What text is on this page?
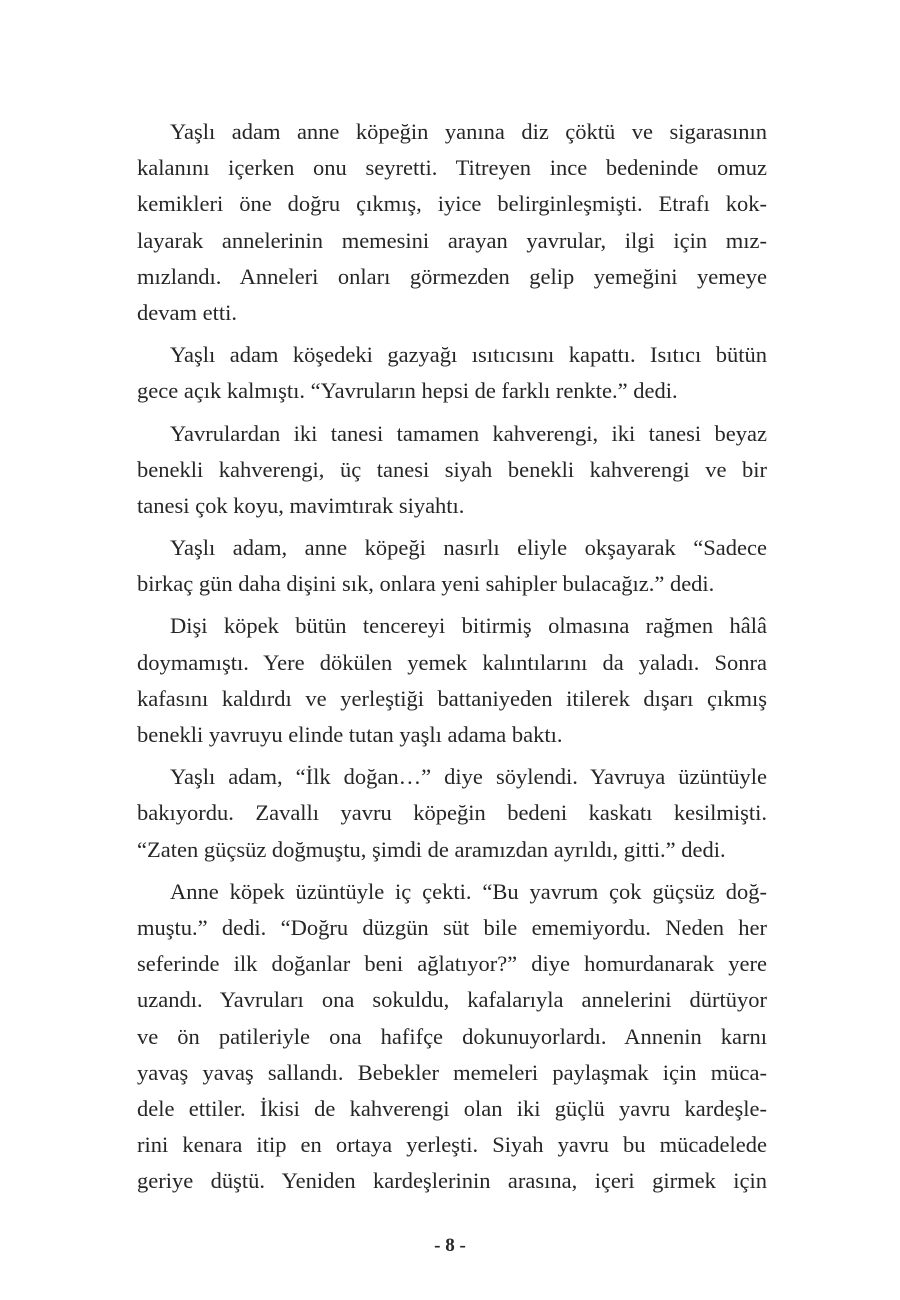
Yaşlı adam anne köpeğin yanına diz çöktü ve sigarasının
kalanını içerken onu seyretti. Titreyen ince bedeninde omuz
kemikleri öne doğru çıkmış, iyice belirginleşmişti. Etrafı kok-
layarak annelerinin memesini arayan yavrular, ilgi için mız-
mızlandı. Anneleri onları görmezden gelip yemeğini yemeye
devam etti.
Yaşlı adam köşedeki gazyağı ısıtıcısını kapattı. Isıtıcı bütün
gece açık kalmıştı. “Yavruların hepsi de farklı renkte.” dedi.
Yavrulardan iki tanesi tamamen kahverengi, iki tanesi beyaz
benekli kahverengi, üç tanesi siyah benekli kahverengi ve bir
tanesi çok koyu, mavimtırak siyahtı.
Yaşlı adam, anne köpeği nasırlı eliyle okşayarak “Sadece
birkaç gün daha dişini sık, onlara yeni sahipler bulacağız.” dedi.
Dişi köpek bütün tencereyi bitirmiş olmasına rağmen hâlâ
doymamıştı. Yere dökülen yemek kalıntılarını da yaladı. Sonra
kafasını kaldırdı ve yerleştiği battaniyeden itilerek dışarı çıkmış
benekli yavruyu elinde tutan yaşlı adama baktı.
Yaşlı adam, “İlk doğan…” diye söylendi. Yavruya üzüntüyle
bakıyordu. Zavallı yavru köpeğin bedeni kaskatı kesilmişti.
“Zaten güçsüz doğmuştu, şimdi de aramızdan ayrıldı, gitti.” dedi.
Anne köpek üzüntüyle iç çekti. “Bu yavrum çok güçsüz doğ-
muştu.” dedi. “Doğru düzgün süt bile ememiyordu. Neden her
seferinde ilk doğanlar beni ağlatıyor?” diye homurdanarak yere
uzandı. Yavruları ona sokuldu, kafalarıyla annelerini dürtüyor
ve ön patileriyle ona hafifçe dokunuyorlardı. Annenin karnı
yavaş yavaş sallandı. Bebekler memeleri paylaşmak için müca-
dele ettiler. İkisi de kahverengi olan iki güçlü yavru kardeşle-
rini kenara itip en ortaya yerleşti. Siyah yavru bu mücadelede
geriye düştü. Yeniden kardeşlerinin arasına, içeri girmek için
- 8 -
